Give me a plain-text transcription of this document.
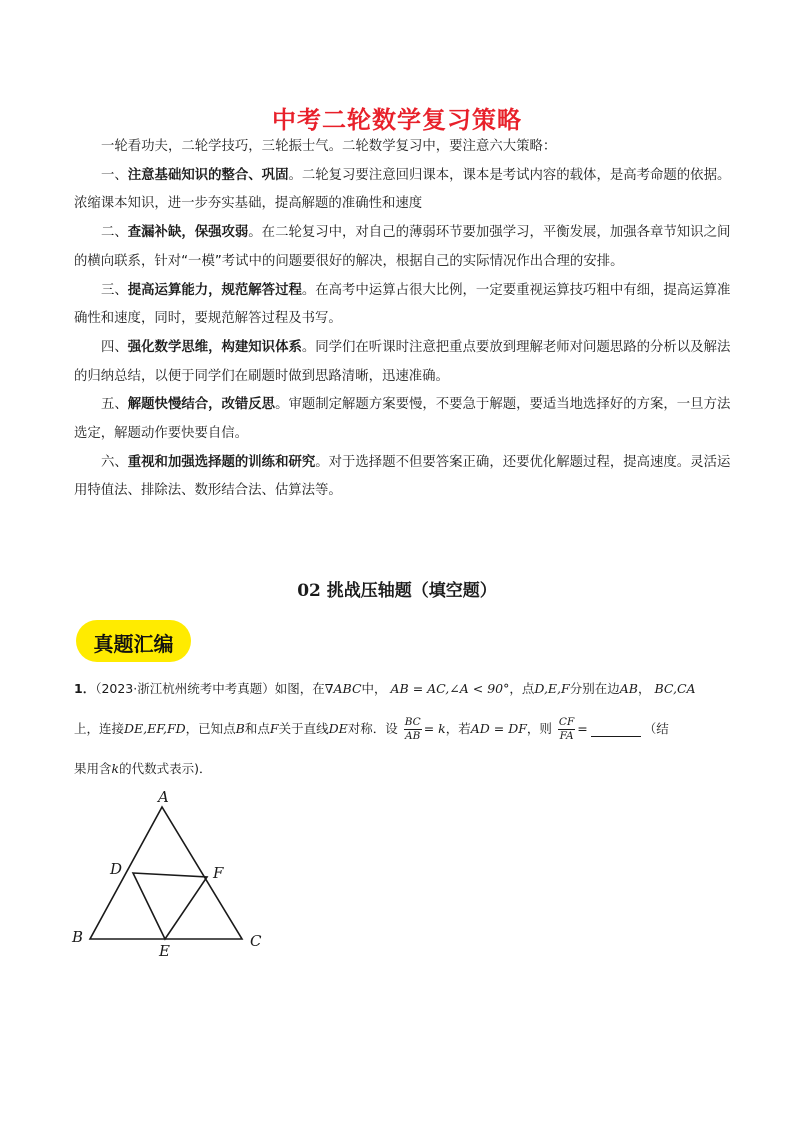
中考二轮数学复习策略

一轮看功夫，二轮学技巧，三轮振士气。二轮数学复习中，要注意六大策略：

一、注意基础知识的整合、巩固。二轮复习要注意回归课本，课本是考试内容的载体，是高考命题的依据。浓缩课本知识，进一步夯实基础，提高解题的准确性和速度

二、查漏补缺，保强攻弱。在二轮复习中，对自己的薄弱环节要加强学习，平衡发展，加强各章节知识之间的横向联系，针对“一模”考试中的问题要很好的解决，根据自己的实际情况作出合理的安排。

三、提高运算能力，规范解答过程。在高考中运算占很大比例，一定要重视运算技巧粗中有细，提高运算准确性和速度，同时，要规范解答过程及书写。

四、强化数学思维，构建知识体系。同学们在听课时注意把重点要放到理解老师对问题思路的分析以及解法的归纳总结，以便于同学们在刷题时做到思路清晰，迅速准确。

五、解题快慢结合，改错反思。审题制定解题方案要慢，不要急于解题，要适当地选择好的方案，一旦方法选定，解题动作要快要自信。

六、重视和加强选择题的训练和研究。对于选择题不但要答案正确，还要优化解题过程，提高速度。灵活运用特值法、排除法、数形结合法、估算法等。

02 挑战压轴题（填空题）
真题汇编
1．（2023·浙江杭州统考中考真题）如图，在∇ABC中， AB = AC,∠A < 90°，点D,E,F分别在边AB， BC,CA
上，连接DE,EF,FD，已知点B和点F关于直线DE对称．设 $\frac{BC}{AB} = k$，若AD = DF，则 $\frac{CF}{FA}$ =	（结
果用含k的代数式表示)．
A
B	C
D
E
F
